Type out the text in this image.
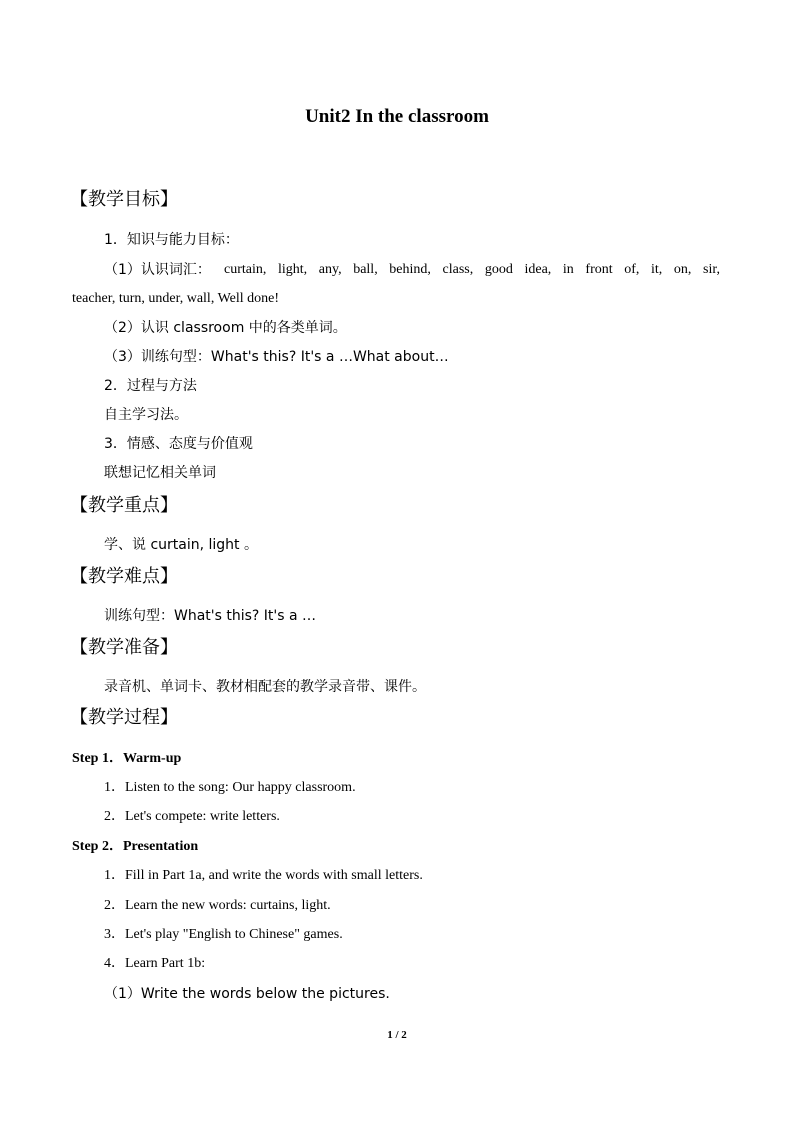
Unit2 In the classroom
【教学目标】
1．知识与能力目标：
（1）认识词汇： curtain, light, any, ball, behind, class, good idea, in front of, it, on, sir,
teacher, turn, under, wall, Well done!
（2）认识 classroom 中的各类单词。
（3）训练句型：What's this? It's a …What about…
2．过程与方法
自主学习法。
3．情感、态度与价值观
联想记忆相关单词
【教学重点】
学、说 curtain, light 。
【教学难点】
训练句型：What's this? It's a …
【教学准备】
录音机、单词卡、教材相配套的教学录音带、课件。
【教学过程】
Step 1．Warm-up
1．Listen to the song: Our happy classroom.
2．Let's compete: write letters.
Step 2．Presentation
1．Fill in Part 1a, and write the words with small letters.
2．Learn the new words: curtains, light.
3．Let's play "English to Chinese" games.
4．Learn Part 1b:
（1）Write the words below the pictures.
1 / 2
